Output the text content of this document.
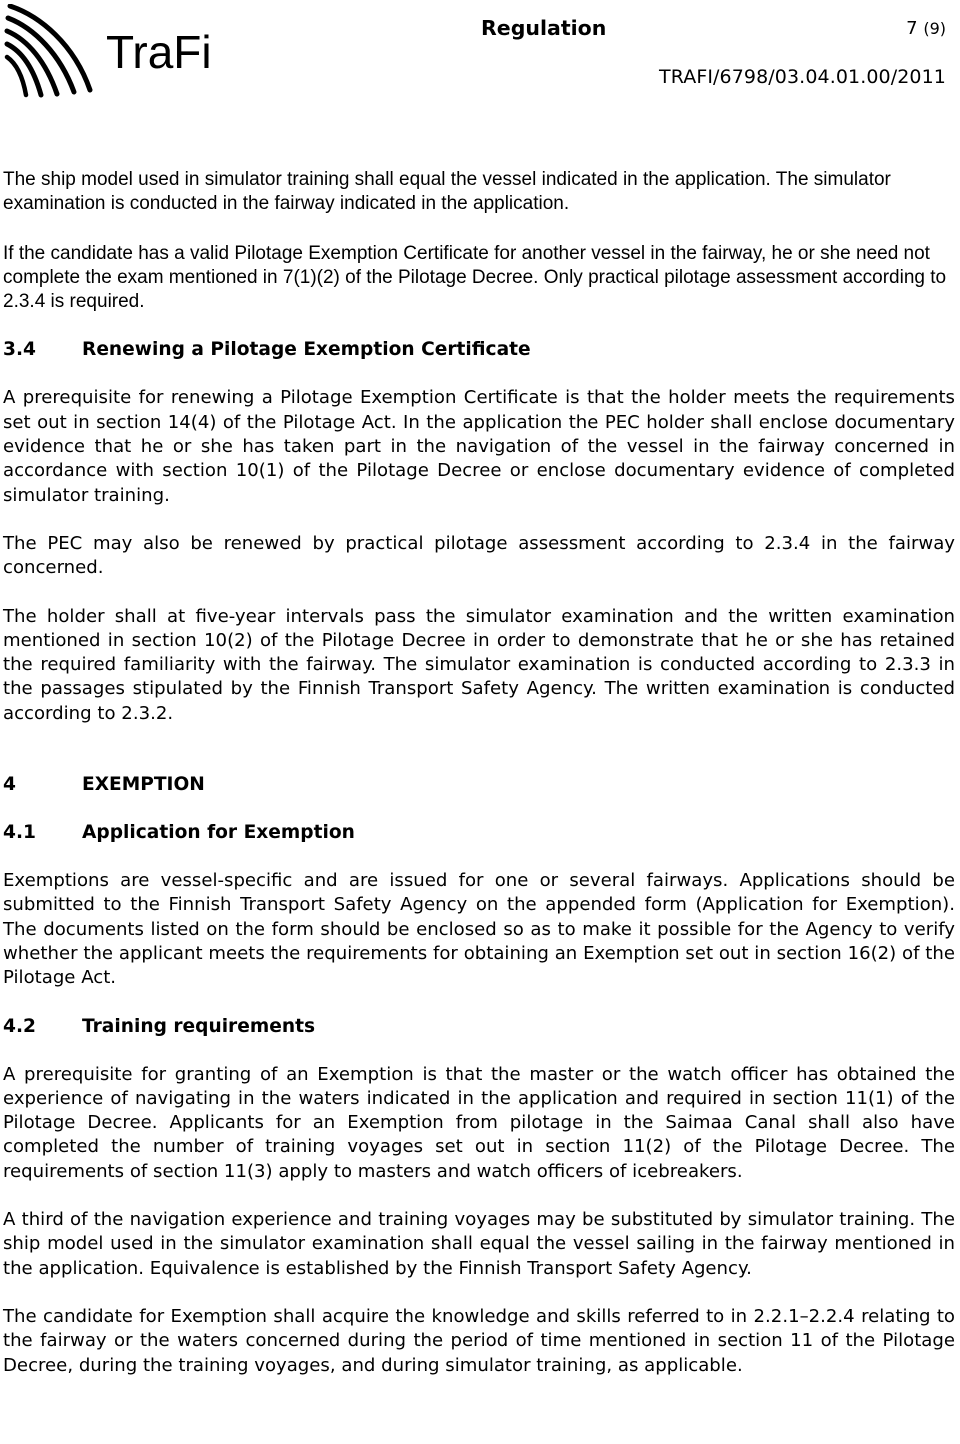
TraFi	Regulation	7 (9)
TRAFI/6798/03.04.01.00/2011

The ship model used in simulator training shall equal the vessel indicated in the application. The simulator examination is conducted in the fairway indicated in the application.

If the candidate has a valid Pilotage Exemption Certificate for another vessel in the fairway, he or she need not complete the exam mentioned in 7(1)(2) of the Pilotage Decree. Only practical pilotage assessment according to 2.3.4 is required.

3.4 Renewing a Pilotage Exemption Certificate

A prerequisite for renewing a Pilotage Exemption Certificate is that the holder meets the requirements set out in section 14(4) of the Pilotage Act. In the application the PEC holder shall enclose documentary evidence that he or she has taken part in the navigation of the vessel in the fairway concerned in accordance with section 10(1) of the Pilotage Decree or enclose documentary evidence of completed simulator training.

The PEC may also be renewed by practical pilotage assessment according to 2.3.4 in the fairway concerned.

The holder shall at five-year intervals pass the simulator examination and the written examination mentioned in section 10(2) of the Pilotage Decree in order to demonstrate that he or she has retained the required familiarity with the fairway. The simulator examination is conducted according to 2.3.3 in the passages stipulated by the Finnish Transport Safety Agency. The written examination is conducted according to 2.3.2.

4	EXEMPTION
4.1 Application for Exemption

Exemptions are vessel-specific and are issued for one or several fairways. Applications should be submitted to the Finnish Transport Safety Agency on the appended form (Application for Exemption). The documents listed on the form should be enclosed so as to make it possible for the Agency to verify whether the applicant meets the requirements for obtaining an Exemption set out in section 16(2) of the Pilotage Act.

4.2 Training requirements

A prerequisite for granting of an Exemption is that the master or the watch officer has obtained the experience of navigating in the waters indicated in the application and required in section 11(1) of the Pilotage Decree. Applicants for an Exemption from pilotage in the Saimaa Canal shall also have completed the number of training voyages set out in section 11(2) of the Pilotage Decree. The requirements of section 11(3) apply to masters and watch officers of icebreakers.

A third of the navigation experience and training voyages may be substituted by simulator training. The ship model used in the simulator examination shall equal the vessel sailing in the fairway mentioned in the application. Equivalence is established by the Finnish Transport Safety Agency.

The candidate for Exemption shall acquire the knowledge and skills referred to in 2.2.1–2.2.4 relating to the fairway or the waters concerned during the period of time mentioned in section 11 of the Pilotage Decree, during the training voyages, and during simulator training, as applicable.
